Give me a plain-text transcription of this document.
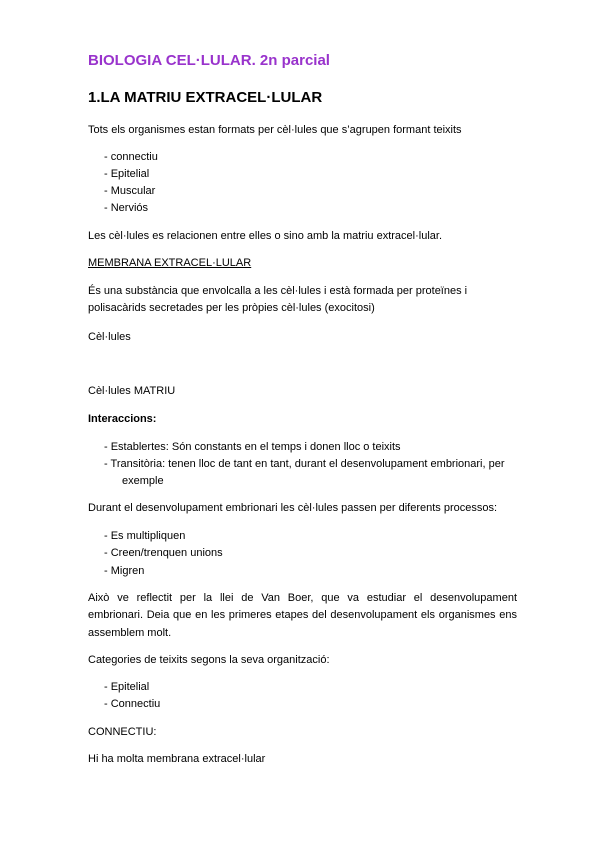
BIOLOGIA CEL·LULAR. 2n parcial

1.LA MATRIU EXTRACEL·LULAR

Tots els organismes estan formats per cèl·lules que s’agrupen formant teixits

- connectiu

- Epitelial

- Muscular

- Nerviós

Les cèl·lules es relacionen entre elles o sino amb la matriu extracel·lular.

MEMBRANA EXTRACEL·LULAR

És una substància que envolcalla a les cèl·lules i està formada per proteïnes i

polisacàrids secretades per les pròpies cèl·lules (exocitosi)

Cèl·lules

Cèl·lules MATRIU

Interaccions:

- Establertes: Són constants en el temps i donen lloc o teixits

- Transitòria: tenen lloc de tant en tant, durant el desenvolupament embrionari, per

exemple

Durant el desenvolupament embrionari les cèl·lules passen per diferents processos:

- Es multipliquen

- Creen/trenquen unions

- Migren

Això ve reflectit per la llei de Van Boer, que va estudiar el desenvolupament

embrionari. Deia que en les primeres etapes del desenvolupament els organismes ens

assemblem molt.

Categories de teixits segons la seva organització:

- Epitelial

- Connectiu

CONNECTIU:

Hi ha molta membrana extracel·lular
